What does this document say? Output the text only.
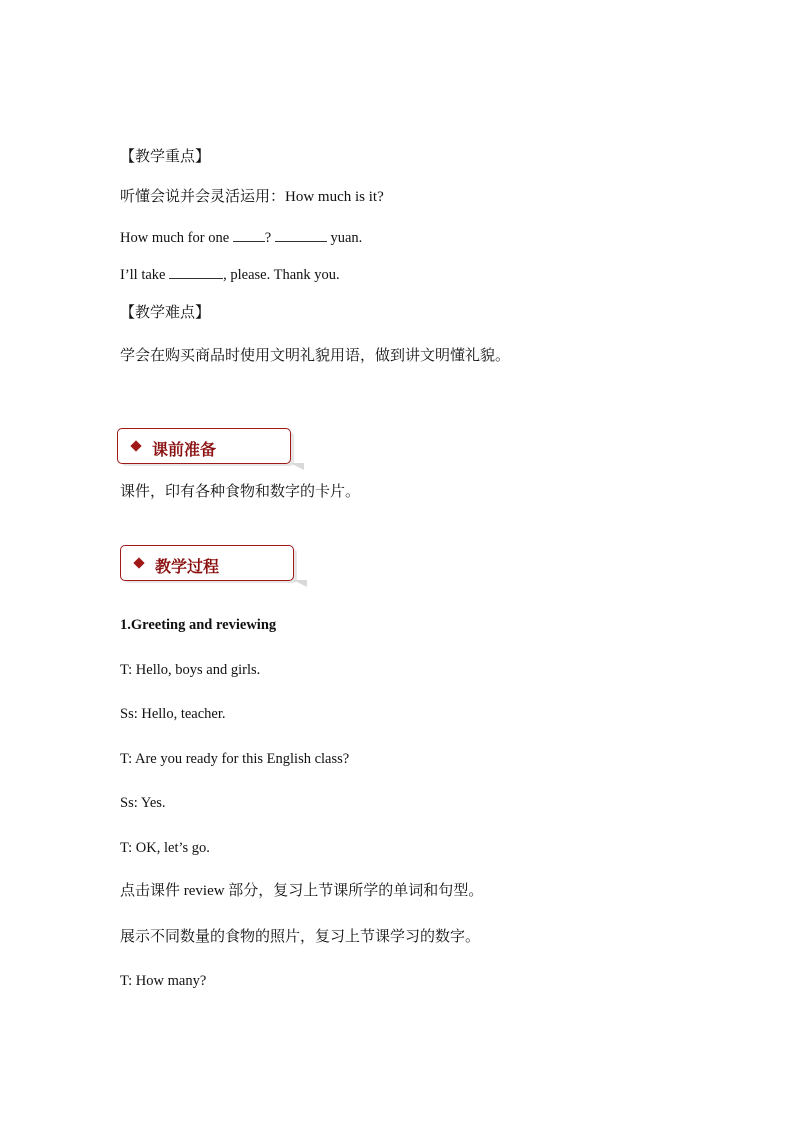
【教学重点】
听懂会说并会灵活运用：How much is it?
How much for one ?	yuan.
I’ll take	, please. Thank you.
【教学难点】
学会在购买商品时使用文明礼貌用语，做到讲文明懂礼貌。
课前准备
课件，印有各种食物和数字的卡片。
教学过程
1.Greeting and reviewing
T: Hello, boys and girls.
Ss: Hello, teacher.
T: Are you ready for this English class?
Ss: Yes.
T: OK, let’s go.
点击课件 review 部分，复习上节课所学的单词和句型。
展示不同数量的食物的照片，复习上节课学习的数字。
T: How many?
